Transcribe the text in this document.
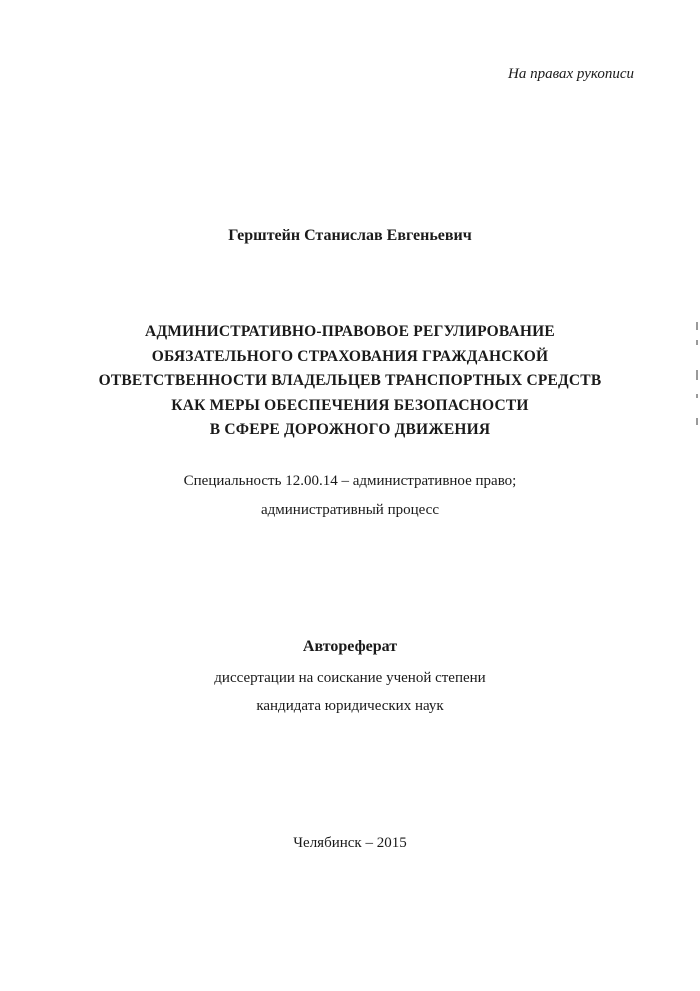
На правах рукописи
Герштейн Станислав Евгеньевич
АДМИНИСТРАТИВНО-ПРАВОВОЕ РЕГУЛИРОВАНИЕ
ОБЯЗАТЕЛЬНОГО СТРАХОВАНИЯ ГРАЖДАНСКОЙ
ОТВЕТСТВЕННОСТИ ВЛАДЕЛЬЦЕВ ТРАНСПОРТНЫХ СРЕДСТВ
КАК МЕРЫ ОБЕСПЕЧЕНИЯ БЕЗОПАСНОСТИ
В СФЕРЕ ДОРОЖНОГО ДВИЖЕНИЯ
Специальность 12.00.14 – административное право;
административный процесс
Автореферат
диссертации на соискание ученой степени
кандидата юридических наук
Челябинск – 2015
